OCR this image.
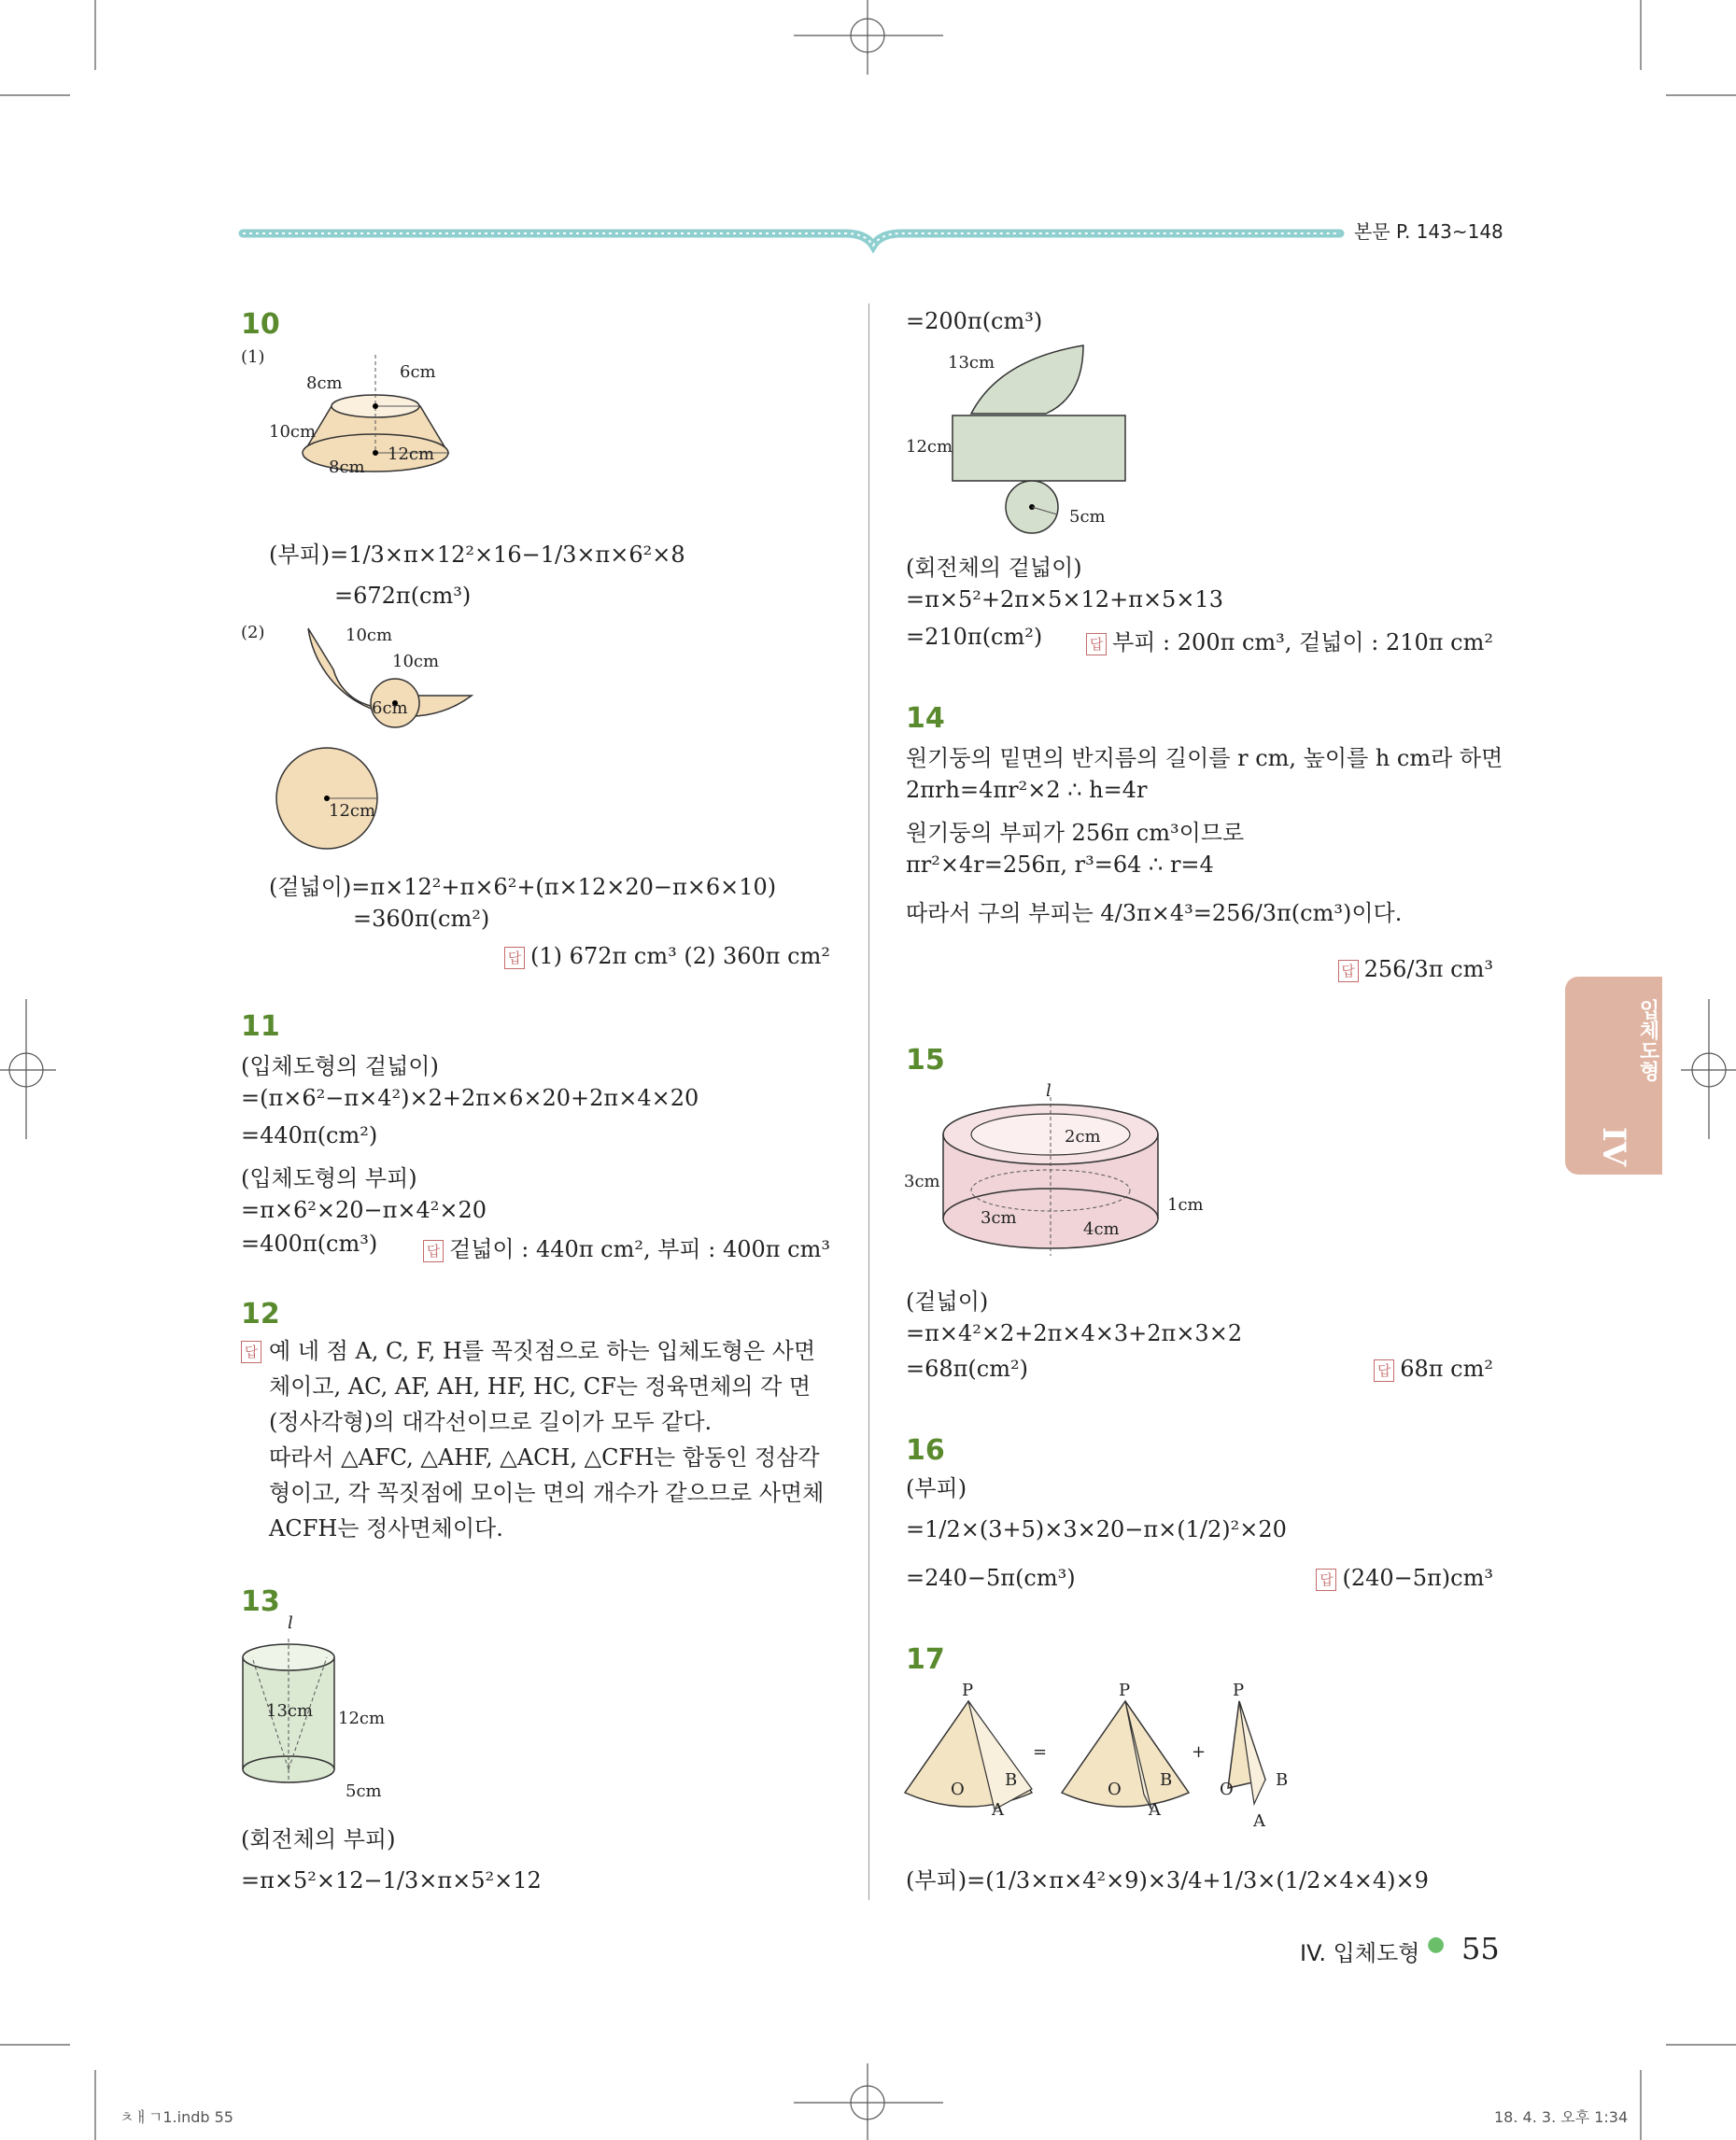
본문 P. 143~148
10
(1)
8cm
6cm
10cm
12cm
8cm
(부피)=1/3×π×12²×16−1/3×π×6²×8
=672π(cm³)
(2)	10cm
10cm
6cm
12cm
(겉넓이)=π×12²+π×6²+(π×12×20−π×6×10)
=360π(cm²)
답 (1) 672π cm³ (2) 360π cm²
11
(입체도형의 겉넓이)
=(π×6²−π×4²)×2+2π×6×20+2π×4×20
=440π(cm²)
(입체도형의 부피)
=π×6²×20−π×4²×20
=400π(cm³)	답 겉넓이 : 440π cm², 부피 : 400π cm³
12
답 예 네 점 A, C, F, H를 꼭짓점으로 하는 입체도형은 사면체이고, AC, AF, AH, HF, HC, CF는 정육면체의 각 면(정사각형)의 대각선이므로 길이가 모두 같다.
따라서 △AFC, △AHF, △ACH, △CFH는 합동인 정삼각형이고, 각 꼭짓점에 모이는 면의 개수가 같으므로 사면체 ACFH는 정사면체이다.
13
l
13cm 12cm
5cm
(회전체의 부피)
=π×5²×12−1/3×π×5²×12
=200π(cm³)
13cm
12cm
5cm
(회전체의 겉넓이)
=π×5²+2π×5×12+π×5×13
=210π(cm²)	답 부피 : 200π cm³, 겉넓이 : 210π cm²
14
원기둥의 밑면의 반지름의 길이를 r cm, 높이를 h cm라 하면
2πrh=4πr²×2 ∴ h=4r
원기둥의 부피가 256π cm³이므로
πr²×4r=256π, r³=64 ∴ r=4
따라서 구의 부피는 4/3π×4³=256/3π(cm³)이다.
답 256/3π cm³
15
l
2cm
3cm
1cm
3cm
4cm
(겉넓이)
=π×4²×2+2π×4×3+2π×3×2
=68π(cm²)	답 68π cm²
16
(부피)
=1/2×(3+5)×3×20−π×(1/2)²×20
=240−5π(cm³)	답 (240−5π)cm³
17
P
O B
A
=
P
O B
A
+
P
O	B
A
(부피)=(1/3×π×4²×9)×3/4+1/3×(1/2×4×4)×9
입체도형
IV
IV. 입체도형 ● 55
ㅊㅐㄱ1.indb 55	18. 4. 3. 오후 1:34
